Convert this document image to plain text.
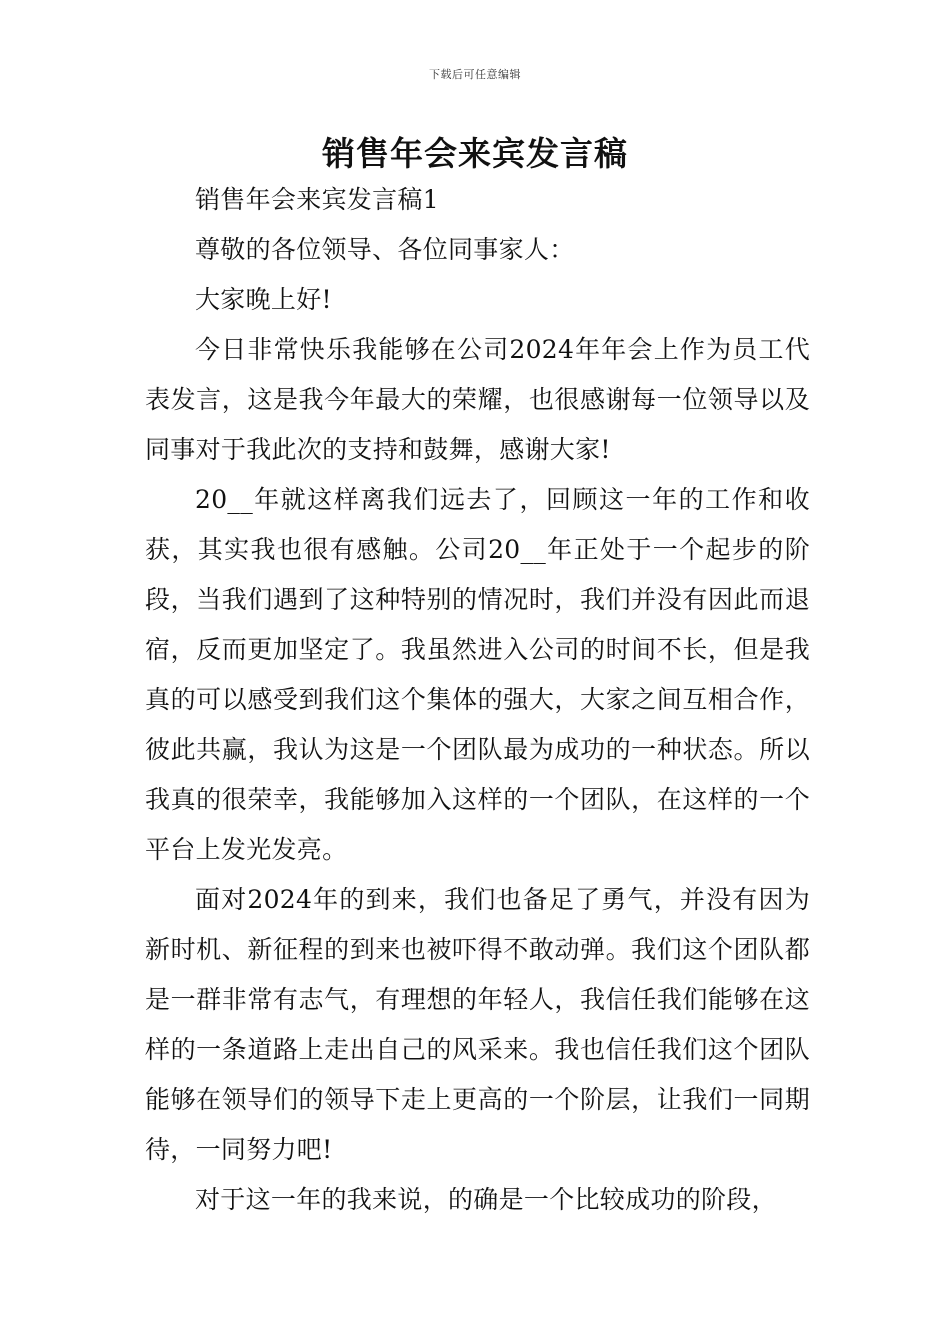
下载后可任意编辑
销售年会来宾发言稿

销售年会来宾发言稿1

尊敬的各位领导、各位同事家人：

大家晚上好!

今日非常快乐我能够在公司2024年年会上作为员工代表发言，这是我今年最大的荣耀，也很感谢每一位领导以及同事对于我此次的支持和鼓舞，感谢大家!

20__年就这样离我们远去了，回顾这一年的工作和收获，其实我也很有感触。公司20__年正处于一个起步的阶段，当我们遇到了这种特别的情况时，我们并没有因此而退宿，反而更加坚定了。我虽然进入公司的时间不长，但是我真的可以感受到我们这个集体的强大，大家之间互相合作，彼此共赢，我认为这是一个团队最为成功的一种状态。所以我真的很荣幸，我能够加入这样的一个团队，在这样的一个平台上发光发亮。

面对2024年的到来，我们也备足了勇气，并没有因为新时机、新征程的到来也被吓得不敢动弹。我们这个团队都是一群非常有志气，有理想的年轻人，我信任我们能够在这样的一条道路上走出自己的风采来。我也信任我们这个团队能够在领导们的领导下走上更高的一个阶层，让我们一同期待，一同努力吧!

对于这一年的我来说，的确是一个比较成功的阶段，
